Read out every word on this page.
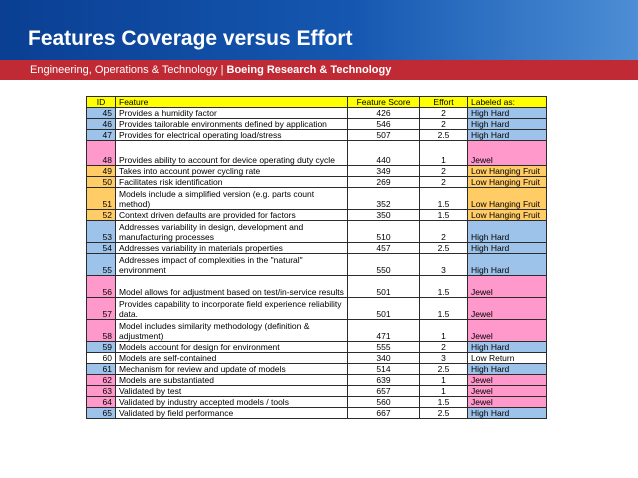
Features Coverage versus Effort
Engineering, Operations & Technology | Boeing Research & Technology
ID	Feature	Feature Score	Effort	Labeled as:
45	Provides a humidity factor	426	2	High Hard
46	Provides tailorable environments defined by application	546	2	High Hard
47	Provides for electrical operating load/stress	507	2.5	High Hard
48	Provides ability to account for device operating duty cycle	440	1	Jewel
49	Takes into account power cycling rate	349	2	Low Hanging Fruit
50	Facilitates risk identification	269	2	Low Hanging Fruit
51	Models include a simplified version (e.g. parts count method)	352	1.5	Low Hanging Fruit
52	Context driven defaults are provided for factors	350	1.5	Low Hanging Fruit
53	Addresses variability in design, development and manufacturing processes	510	2	High Hard
54	Addresses variability in materials properties	457	2.5	High Hard
55	Addresses impact of complexities in the "natural" environment	550	3	High Hard
56	Model allows for adjustment based on test/in-service results	501	1.5	Jewel
57	Provides capability to incorporate field experience reliability data.	501	1.5	Jewel
58	Model includes similarity methodology (definition & adjustment)	471	1	Jewel
59	Models account for design for environment	555	2	High Hard
60	Models are self-contained	340	3	Low Return
61	Mechanism for review and update of models	514	2.5	High Hard
62	Models are substantiated	639	1	Jewel
63	Validated by test	657	1	Jewel
64	Validated by industry accepted models / tools	560	1.5	Jewel
65	Validated by field performance	667	2.5	High Hard
